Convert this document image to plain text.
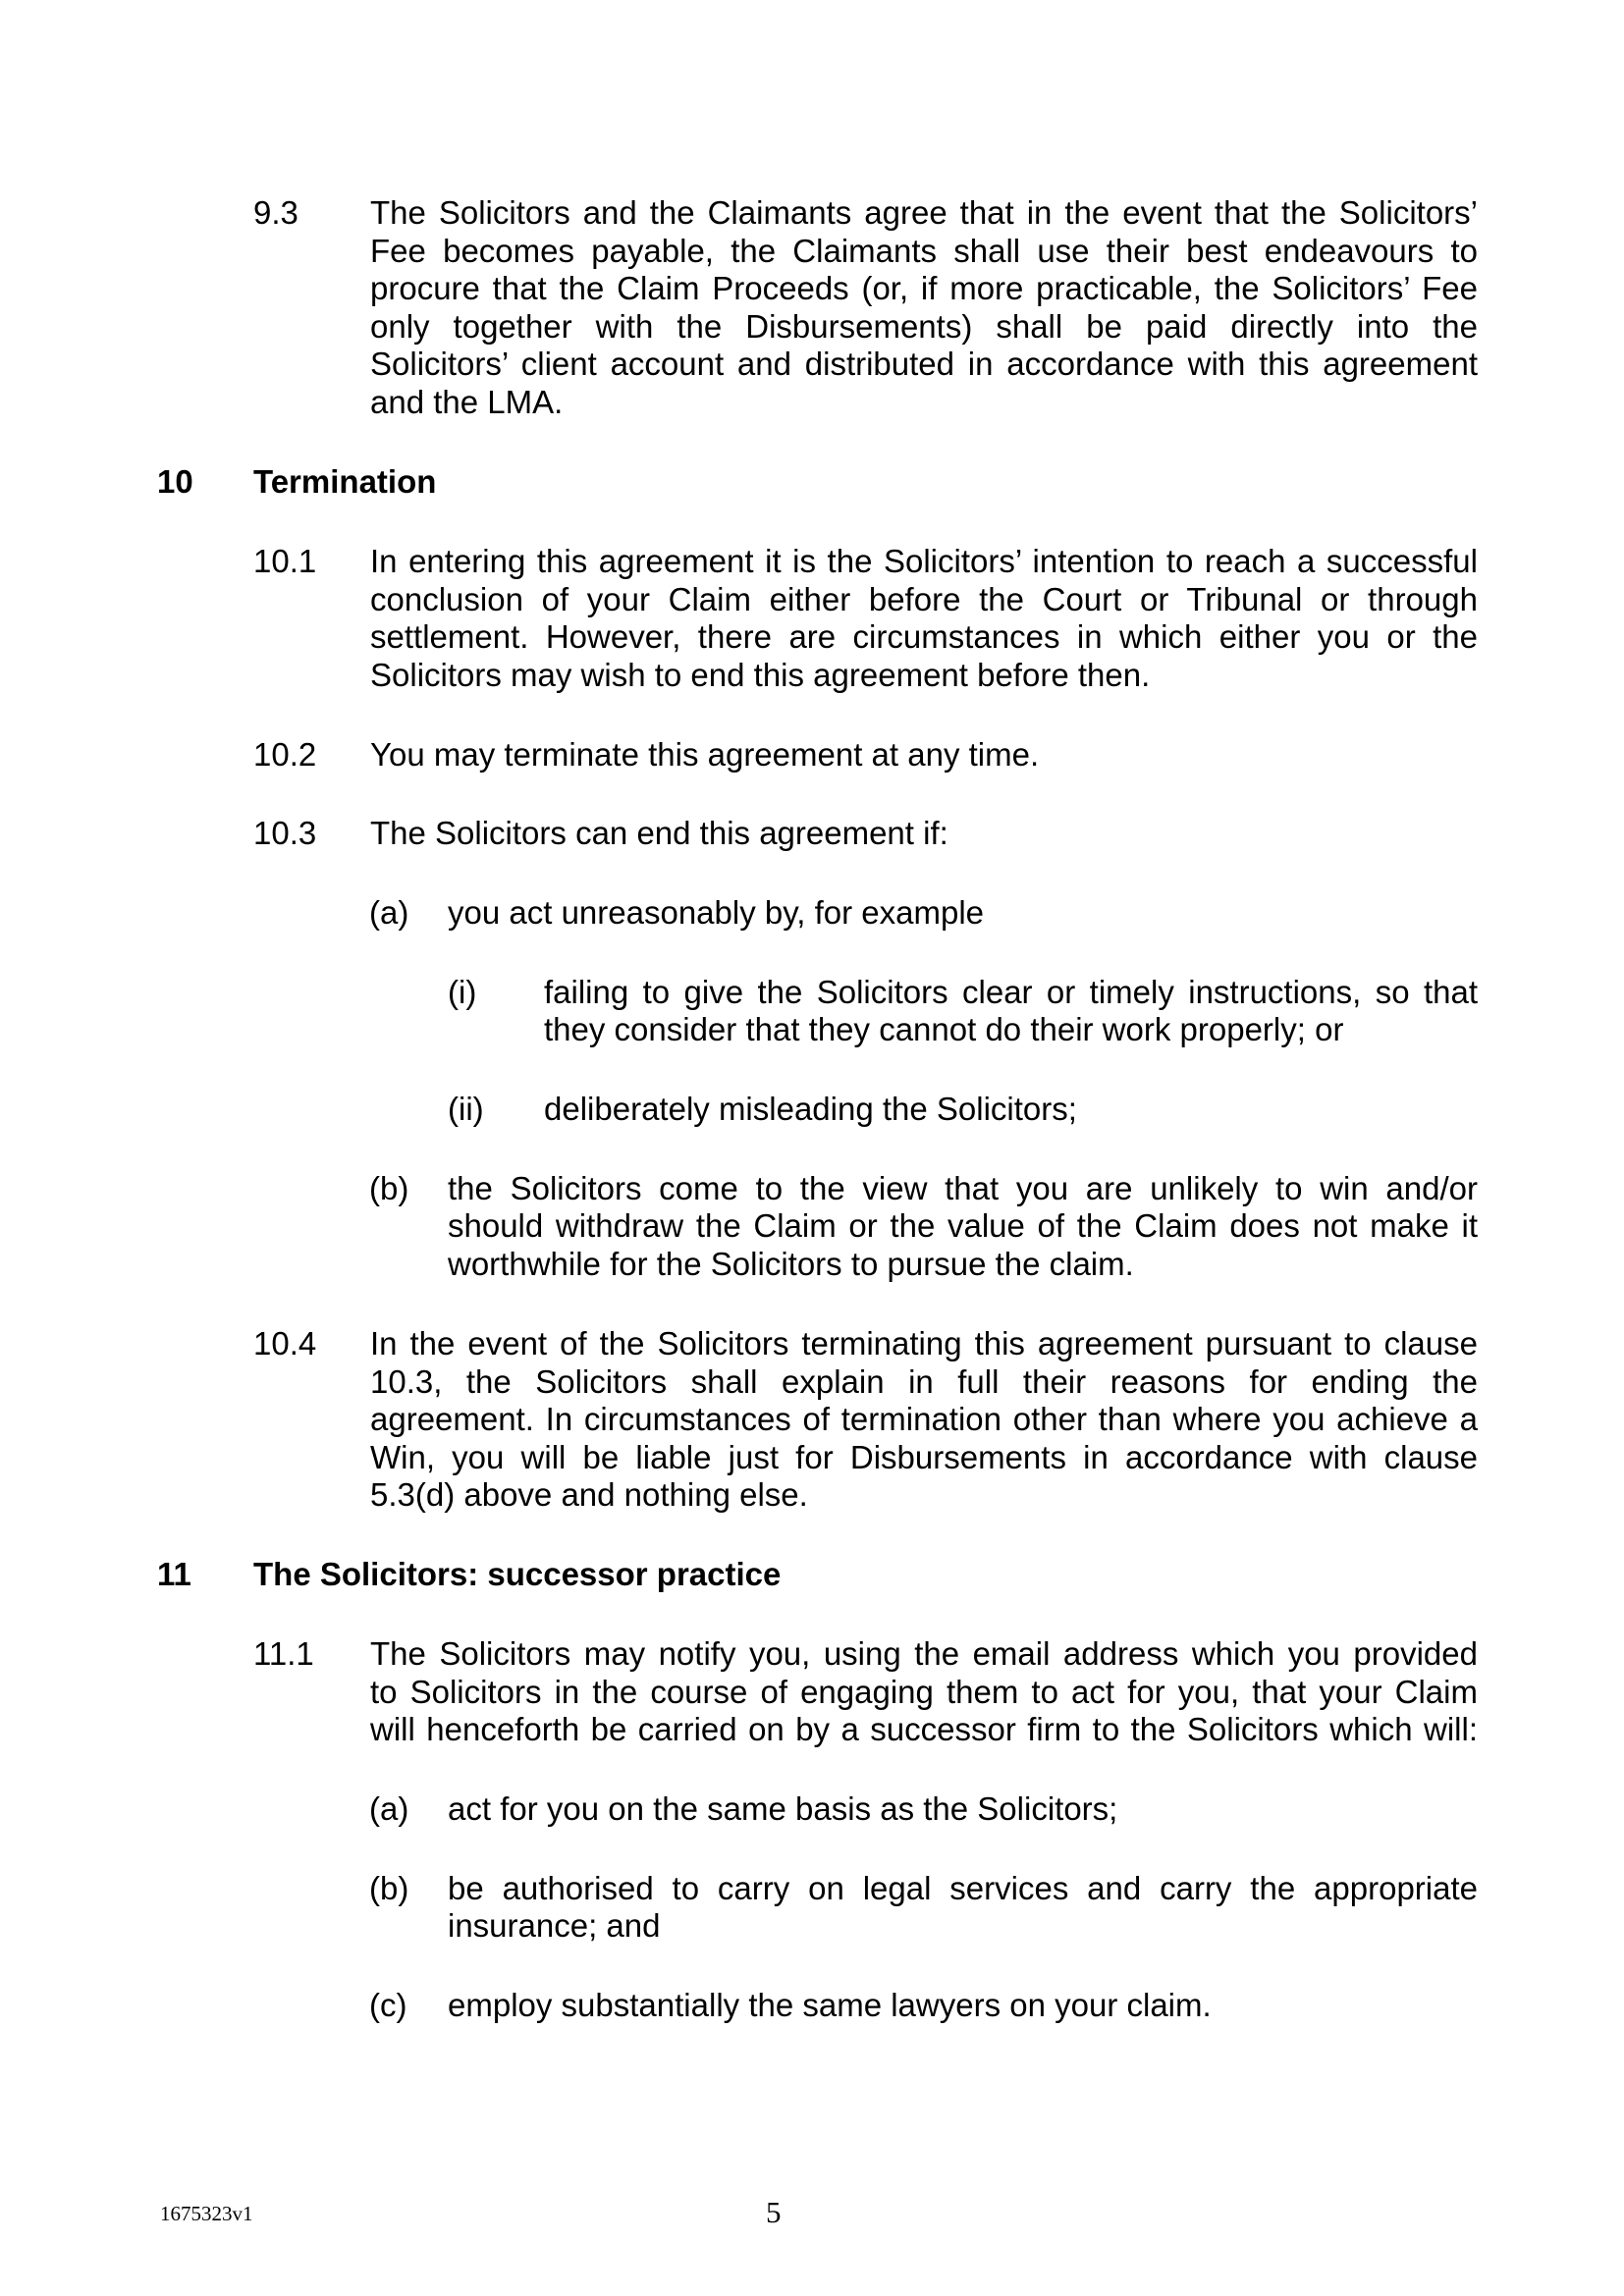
9.3 The Solicitors and the Claimants agree that in the event that the Solicitors’
Fee becomes payable, the Claimants shall use their best endeavours to
procure that the Claim Proceeds (or, if more practicable, the Solicitors’ Fee
only together with the Disbursements) shall be paid directly into the
Solicitors’ client account and distributed in accordance with this agreement
and the LMA.
10 Termination
10.1 In entering this agreement it is the Solicitors’ intention to reach a successful
conclusion of your Claim either before the Court or Tribunal or through
settlement. However, there are circumstances in which either you or the
Solicitors may wish to end this agreement before then.
10.2 You may terminate this agreement at any time.
10.3 The Solicitors can end this agreement if:
(a) you act unreasonably by, for example
(i) failing to give the Solicitors clear or timely instructions, so that
they consider that they cannot do their work properly; or
(ii) deliberately misleading the Solicitors;
(b) the Solicitors come to the view that you are unlikely to win and/or
should withdraw the Claim or the value of the Claim does not make it
worthwhile for the Solicitors to pursue the claim.
10.4 In the event of the Solicitors terminating this agreement pursuant to clause
10.3, the Solicitors shall explain in full their reasons for ending the
agreement. In circumstances of termination other than where you achieve a
Win, you will be liable just for Disbursements in accordance with clause
5.3(d) above and nothing else.
11 The Solicitors: successor practice
11.1 The Solicitors may notify you, using the email address which you provided
to Solicitors in the course of engaging them to act for you, that your Claim
will henceforth be carried on by a successor firm to the Solicitors which will:
(a) act for you on the same basis as the Solicitors;
(b) be authorised to carry on legal services and carry the appropriate
insurance; and
(c) employ substantially the same lawyers on your claim.
1675323v1	5
